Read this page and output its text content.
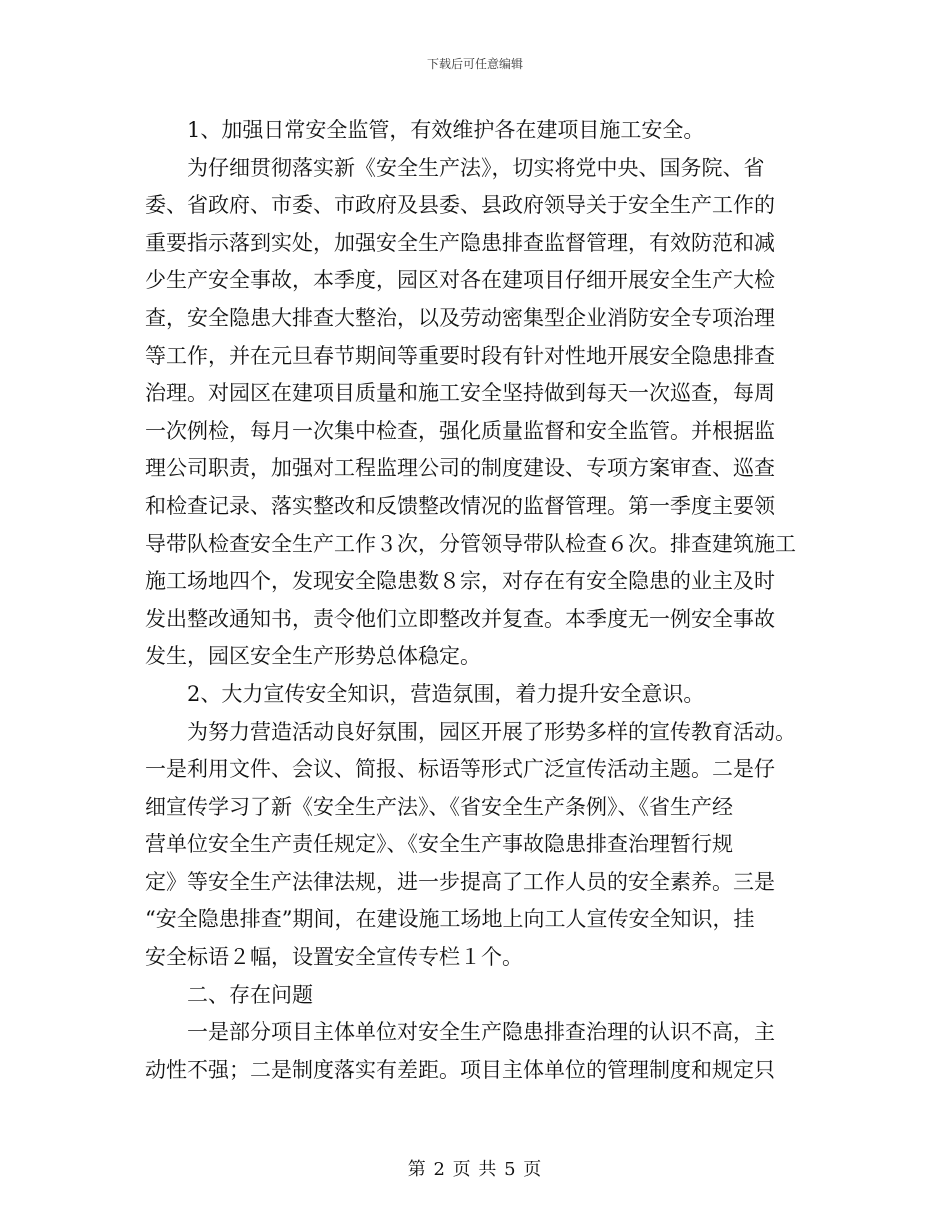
下载后可任意编辑
1、加强日常安全监管，有效维护各在建项目施工安全。
为仔细贯彻落实新《安全生产法》，切实将党中央、国务院、省
委、省政府、市委、市政府及县委、县政府领导关于安全生产工作的
重要指示落到实处，加强安全生产隐患排查监督管理，有效防范和减
少生产安全事故，本季度，园区对各在建项目仔细开展安全生产大检
查，安全隐患大排查大整治，以及劳动密集型企业消防安全专项治理
等工作，并在元旦春节期间等重要时段有针对性地开展安全隐患排查
治理。对园区在建项目质量和施工安全坚持做到每天一次巡查，每周
一次例检，每月一次集中检查，强化质量监督和安全监管。并根据监
理公司职责，加强对工程监理公司的制度建设、专项方案审查、巡查
和检查记录、落实整改和反馈整改情况的监督管理。第一季度主要领
导带队检查安全生产工作３次，分管领导带队检查６次。排查建筑施工
施工场地四个，发现安全隐患数８宗，对存在有安全隐患的业主及时
发出整改通知书，责令他们立即整改并复查。本季度无一例安全事故
发生，园区安全生产形势总体稳定。
2、大力宣传安全知识，营造氛围，着力提升安全意识。
为努力营造活动良好氛围，园区开展了形势多样的宣传教育活动。
一是利用文件、会议、简报、标语等形式广泛宣传活动主题。二是仔
细宣传学习了新《安全生产法》、《省安全生产条例》、《省生产经
营单位安全生产责任规定》、《安全生产事故隐患排查治理暂行规
定》等安全生产法律法规，进一步提高了工作人员的安全素养。三是
“安全隐患排查”期间，在建设施工场地上向工人宣传安全知识，挂
安全标语２幅，设置安全宣传专栏１个。
二、存在问题
一是部分项目主体单位对安全生产隐患排查治理的认识不高，主
动性不强；二是制度落实有差距。项目主体单位的管理制度和规定只
第 2 页 共 5 页
